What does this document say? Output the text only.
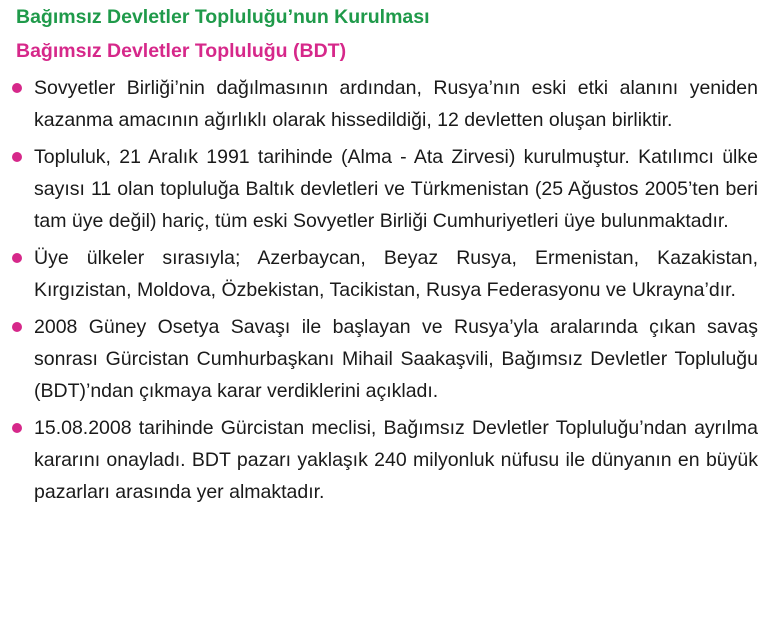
Bağımsız Devletler Topluluğu’nun Kurulması
Bağımsız Devletler Topluluğu (BDT)
Sovyetler Birliği’nin dağılmasının ardından, Rusya’nın eski etki alanını yeniden kazanma amacının ağırlıklı olarak hissedildiği, 12 devletten oluşan birliktir.
Topluluk, 21 Aralık 1991 tarihinde (Alma - Ata Zirvesi) kurulmuştur. Katılımcı ülke sayısı 11 olan topluluğa Baltık devletleri ve Türkmenistan (25 Ağustos 2005’ten beri tam üye değil) hariç, tüm eski Sovyetler Birliği Cumhuriyetleri üye bulunmaktadır.
Üye ülkeler sırasıyla; Azerbaycan, Beyaz Rusya, Ermenistan, Kazakistan, Kırgızistan, Moldova, Özbekistan, Tacikistan, Rusya Federasyonu ve Ukrayna’dır.
2008 Güney Osetya Savaşı ile başlayan ve Rusya’yla aralarında çıkan savaş sonrası Gürcistan Cumhurbaşkanı Mihail Saakaşvili, Bağımsız Devletler Topluluğu (BDT)’ndan çıkmaya karar verdiklerini açıkladı.
15.08.2008 tarihinde Gürcistan meclisi, Bağımsız Devletler Topluluğu’ndan ayrılma kararını onayladı. BDT pazarı yaklaşık 240 milyonluk nüfusu ile dünyanın en büyük pazarları arasında yer almaktadır.
